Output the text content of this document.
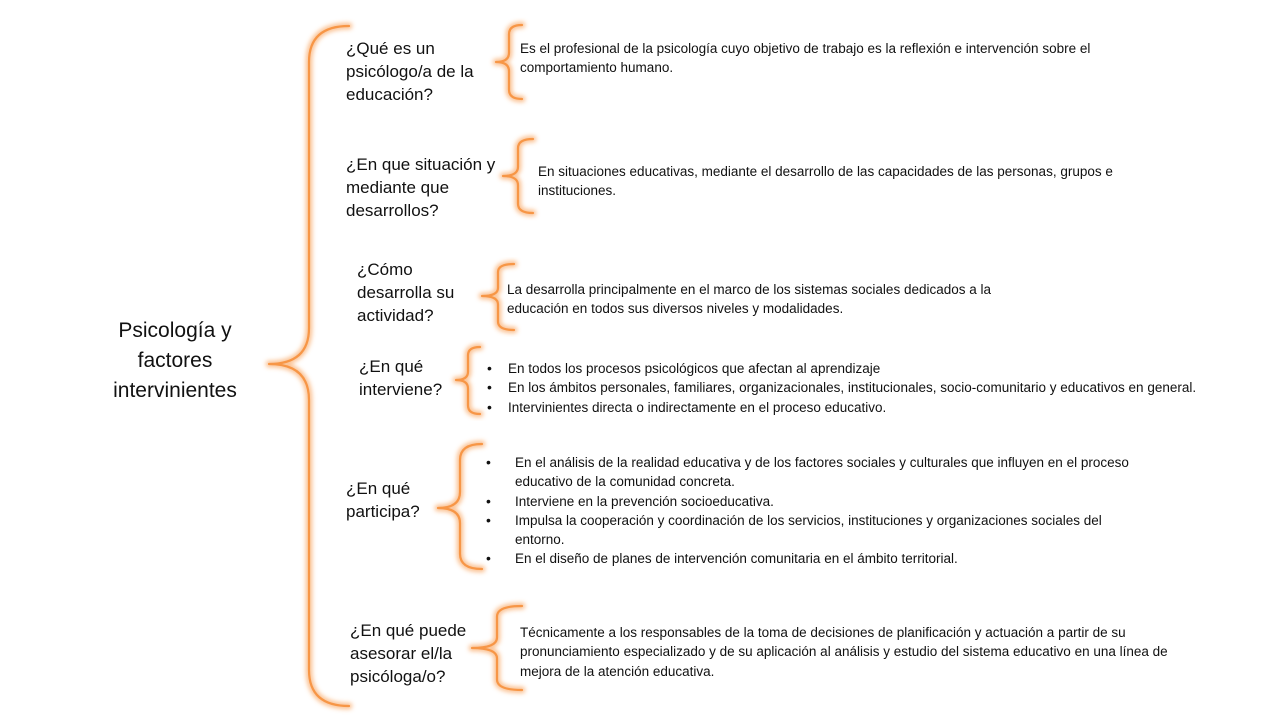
Psicología y factores intervinientes
¿Qué es un psicólogo/a de la educación?

Es el profesional de la psicología cuyo objetivo de trabajo es la reflexión e intervención sobre el comportamiento humano.

¿En que situación y mediante que desarrollos?

En situaciones educativas, mediante el desarrollo de las capacidades de las personas, grupos e instituciones.

¿Cómo desarrolla su actividad?

La desarrolla principalmente en el marco de los sistemas sociales dedicados a la educación en todos sus diversos niveles y modalidades.

¿En qué interviene?
• En todos los procesos psicológicos que afectan al aprendizaje
• En los ámbitos personales, familiares, organizacionales, institucionales, socio-comunitario y educativos en general.
• Intervinientes directa o indirectamente en el proceso educativo.
¿En qué participa?
• En el análisis de la realidad educativa y de los factores sociales y culturales que influyen en el proceso educativo de la comunidad concreta.
• Interviene en la prevención socioeducativa.
• Impulsa la cooperación y coordinación de los servicios, instituciones y organizaciones sociales del entorno.
• En el diseño de planes de intervención comunitaria en el ámbito territorial.
¿En qué puede asesorar el/la psicóloga/o?

Técnicamente a los responsables de la toma de decisiones de planificación y actuación a partir de su pronunciamiento especializado y de su aplicación al análisis y estudio del sistema educativo en una línea de mejora de la atención educativa.
